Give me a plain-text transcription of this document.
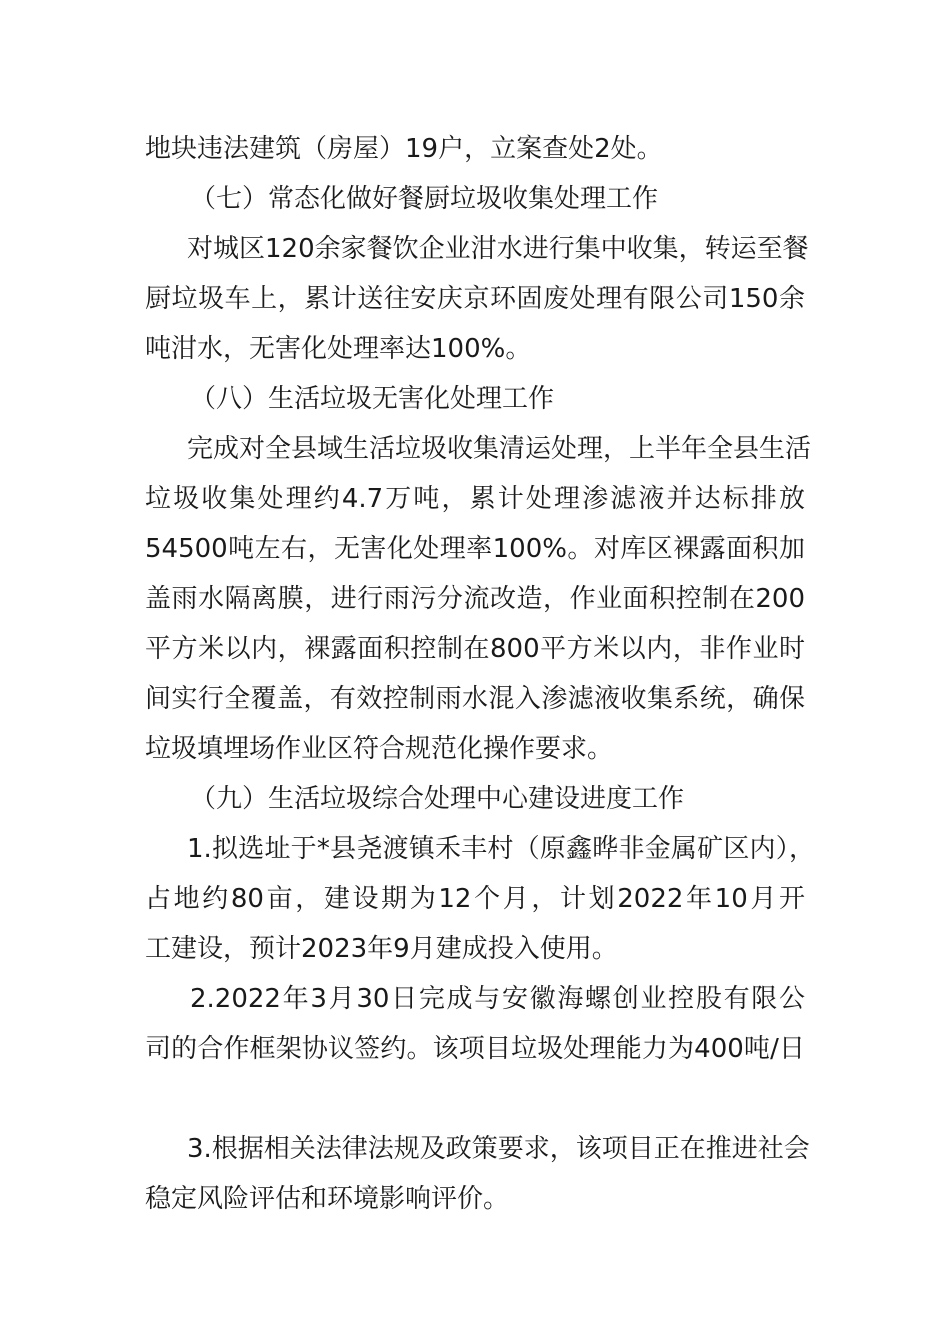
地块违法建筑（房屋）19户，立案查处2处。
（七）常态化做好餐厨垃圾收集处理工作
对城区120余家餐饮企业泔水进行集中收集，转运至餐
厨垃圾车上，累计送往安庆京环固废处理有限公司150余
吨泔水，无害化处理率达100%。
（八）生活垃圾无害化处理工作
完成对全县域生活垃圾收集清运处理，上半年全县生活
垃圾收集处理约4.7万吨，累计处理渗滤液并达标排放
54500吨左右，无害化处理率100%。对库区裸露面积加
盖雨水隔离膜，进行雨污分流改造，作业面积控制在200
平方米以内，裸露面积控制在800平方米以内，非作业时
间实行全覆盖，有效控制雨水混入渗滤液收集系统，确保
垃圾填埋场作业区符合规范化操作要求。
（九）生活垃圾综合处理中心建设进度工作
1.拟选址于*县尧渡镇禾丰村（原鑫晔非金属矿区内），
占地约80亩，建设期为12个月，计划2022年10月开
工建设，预计2023年9月建成投入使用。
2.2022年3月30日完成与安徽海螺创业控股有限公
司的合作框架协议签约。该项目垃圾处理能力为400吨/日
3.根据相关法律法规及政策要求，该项目正在推进社会
稳定风险评估和环境影响评价。
